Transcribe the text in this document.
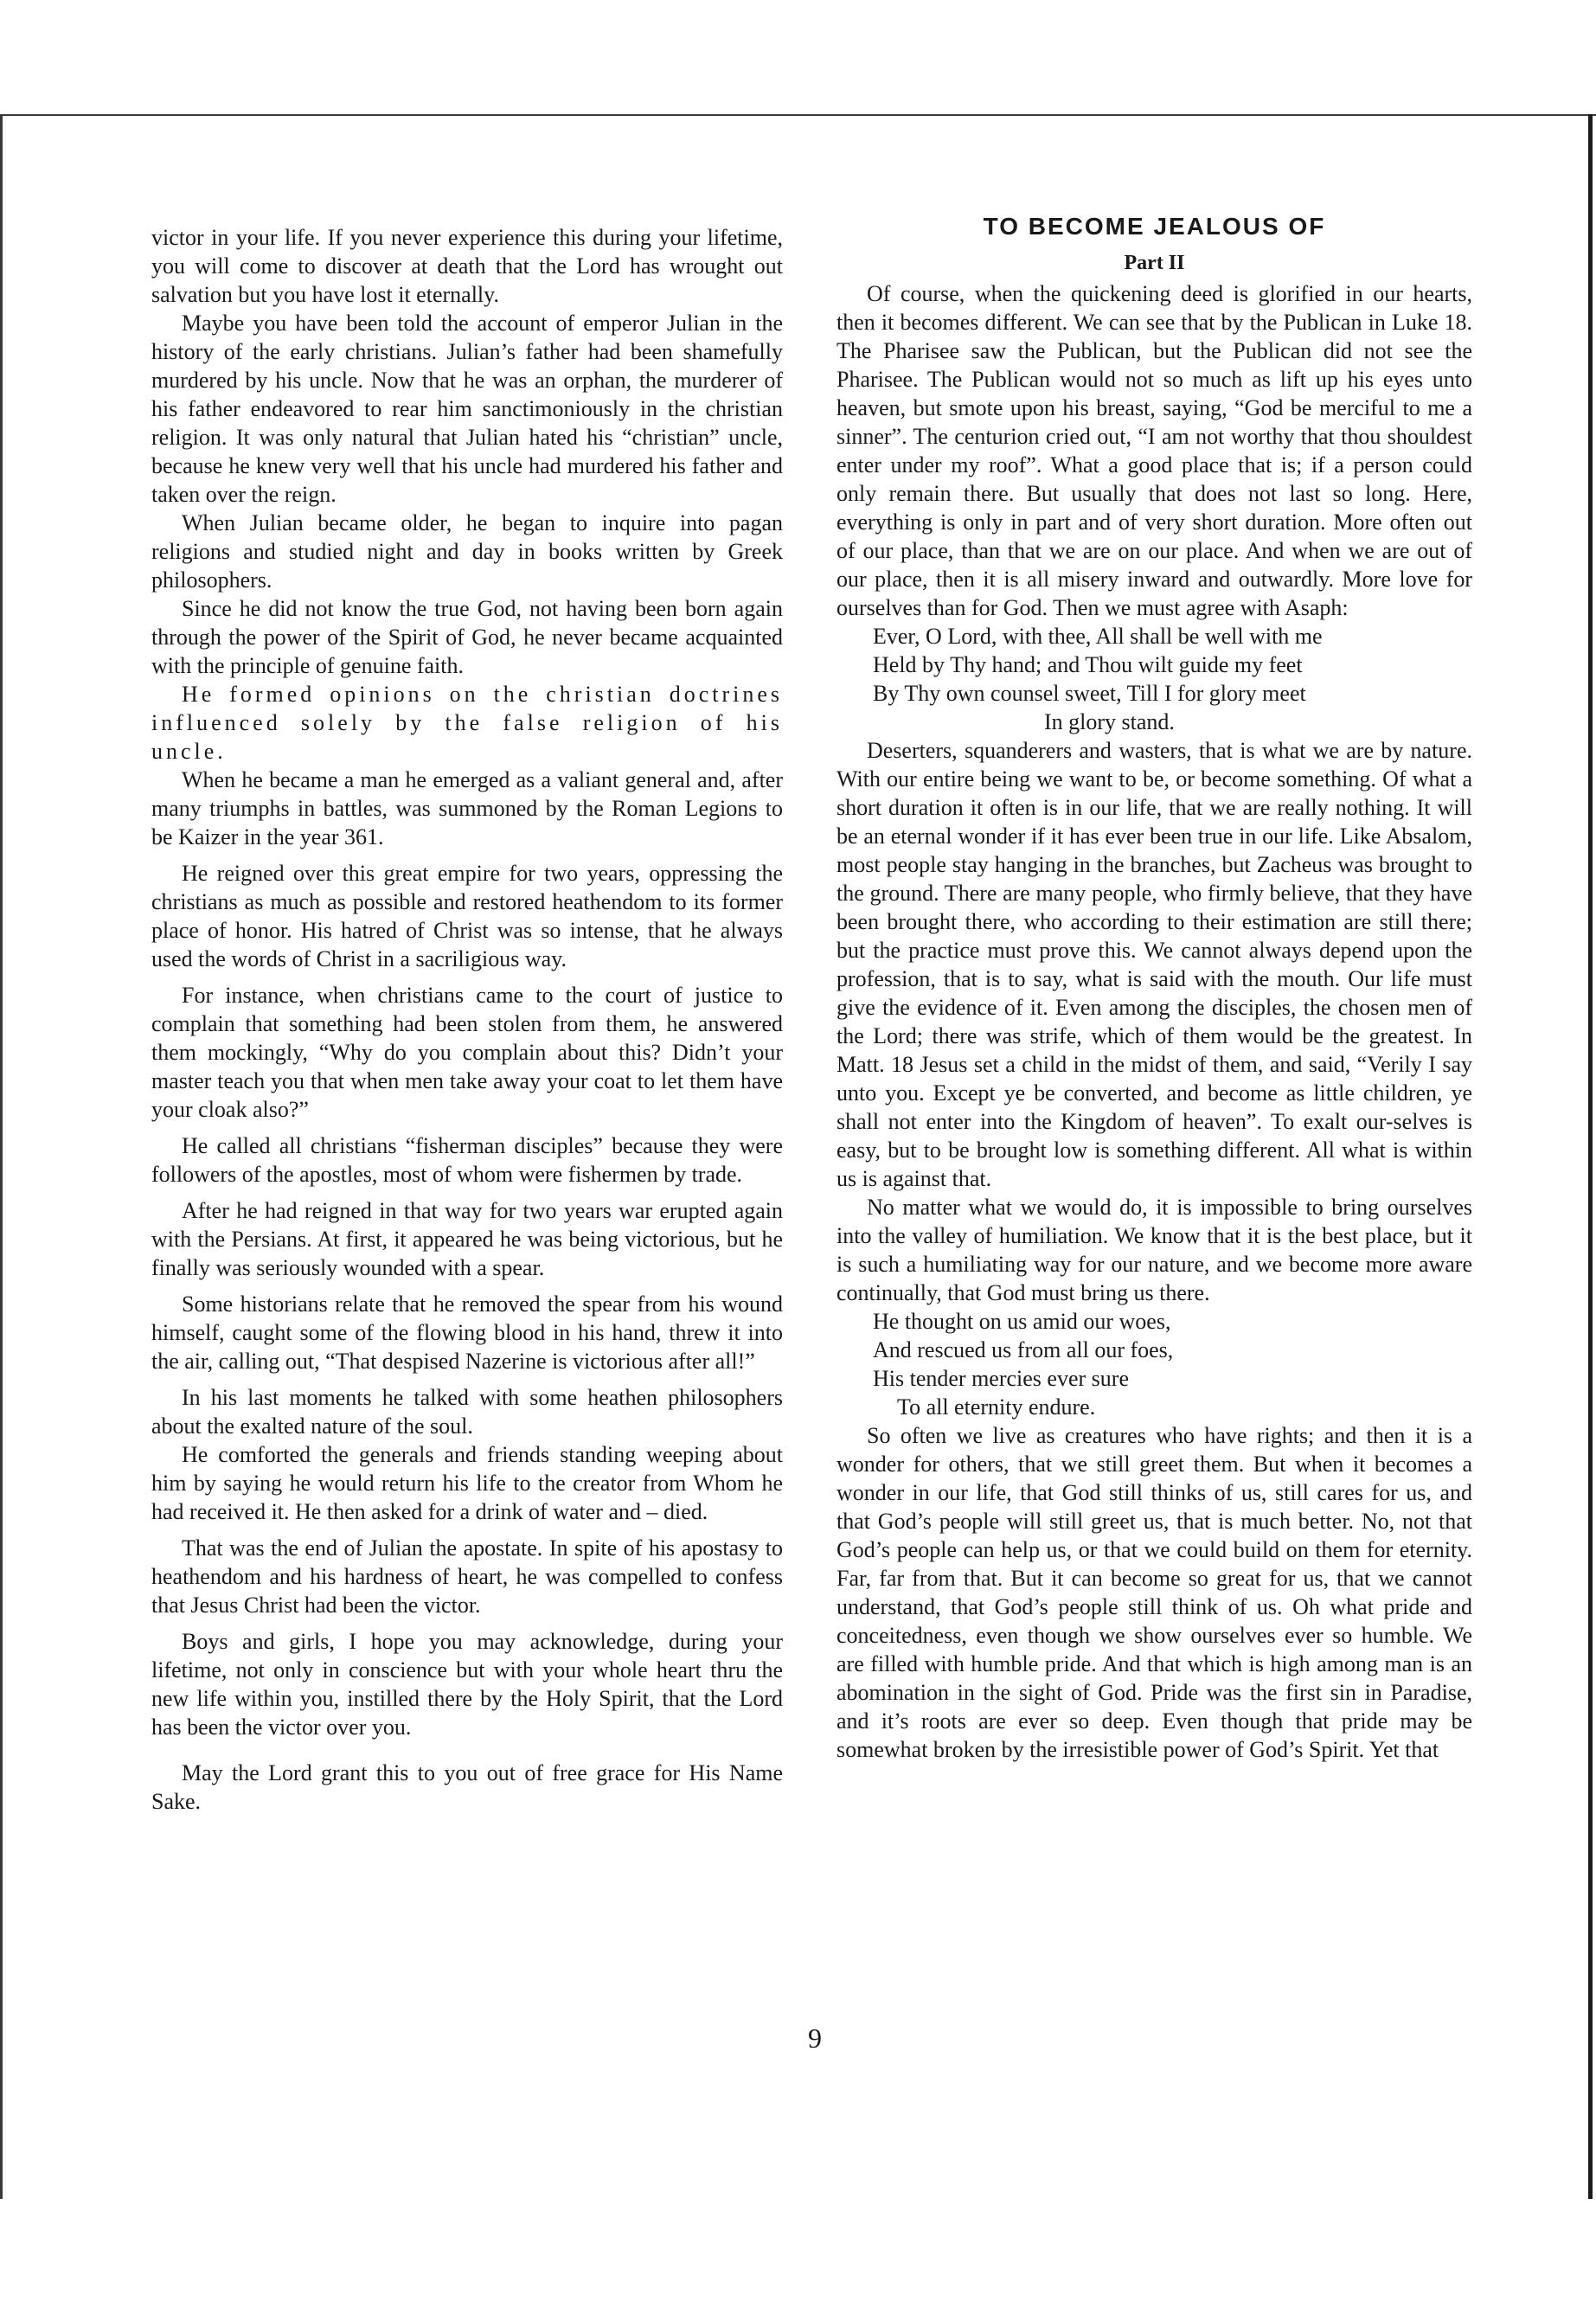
victor in your life. If you never experience this during your lifetime, you will come to discover at death that the Lord has wrought out salvation but you have lost it eternally.

Maybe you have been told the account of emperor Julian in the history of the early christians. Julian’s father had been shamefully murdered by his uncle. Now that he was an orphan, the murderer of his father endeavored to rear him sanctimoniously in the christian religion. It was only natural that Julian hated his “christian” uncle, because he knew very well that his uncle had murdered his father and taken over the reign.

When Julian became older, he began to inquire into pagan religions and studied night and day in books written by Greek philosophers.

Since he did not know the true God, not having been born again through the power of the Spirit of God, he never became acquainted with the principle of genuine faith.

He formed opinions on the christian doctrines influenced solely by the false religion of his uncle.

When he became a man he emerged as a valiant general and, after many triumphs in battles, was summoned by the Roman Legions to be Kaizer in the year 361.

He reigned over this great empire for two years, oppressing the christians as much as possible and restored heathendom to its former place of honor. His hatred of Christ was so intense, that he always used the words of Christ in a sacriligious way.

For instance, when christians came to the court of justice to complain that something had been stolen from them, he answered them mockingly, “Why do you complain about this? Didn’t your master teach you that when men take away your coat to let them have your cloak also?”

He called all christians “fisherman disciples” because they were followers of the apostles, most of whom were fishermen by trade.

After he had reigned in that way for two years war erupted again with the Persians. At first, it appeared he was being victorious, but he finally was seriously wounded with a spear.

Some historians relate that he removed the spear from his wound himself, caught some of the flowing blood in his hand, threw it into the air, calling out, “That despised Nazerine is victorious after all!”

In his last moments he talked with some heathen philosophers about the exalted nature of the soul.

He comforted the generals and friends standing weeping about him by saying he would return his life to the creator from Whom he had received it. He then asked for a drink of water and – died.

That was the end of Julian the apostate. In spite of his apostasy to heathendom and his hardness of heart, he was compelled to confess that Jesus Christ had been the victor.

Boys and girls, I hope you may acknowledge, during your lifetime, not only in conscience but with your whole heart thru the new life within you, instilled there by the Holy Spirit, that the Lord has been the victor over you.

May the Lord grant this to you out of free grace for His Name Sake.

TO BECOME JEALOUS OF
Part II

Of course, when the quickening deed is glorified in our hearts, then it becomes different. We can see that by the Publican in Luke 18. The Pharisee saw the Publican, but the Publican did not see the Pharisee. The Publican would not so much as lift up his eyes unto heaven, but smote upon his breast, saying, “God be merciful to me a sinner”. The centurion cried out, “I am not worthy that thou shouldest enter under my roof”. What a good place that is; if a person could only remain there. But usually that does not last so long. Here, everything is only in part and of very short duration. More often out of our place, than that we are on our place. And when we are out of our place, then it is all misery inward and outwardly. More love for ourselves than for God. Then we must agree with Asaph:

Ever, O Lord, with thee, All shall be well with me
Held by Thy hand; and Thou wilt guide my feet
By Thy own counsel sweet, Till I for glory meet
In glory stand.

Deserters, squanderers and wasters, that is what we are by nature. With our entire being we want to be, or become something. Of what a short duration it often is in our life, that we are really nothing. It will be an eternal wonder if it has ever been true in our life. Like Absalom, most people stay hanging in the branches, but Zacheus was brought to the ground. There are many people, who firmly believe, that they have been brought there, who according to their estimation are still there; but the practice must prove this. We cannot always depend upon the profession, that is to say, what is said with the mouth. Our life must give the evidence of it. Even among the disciples, the chosen men of the Lord; there was strife, which of them would be the greatest. In Matt. 18 Jesus set a child in the midst of them, and said, “Verily I say unto you. Except ye be converted, and become as little children, ye shall not enter into the Kingdom of heaven”. To exalt our-selves is easy, but to be brought low is something different. All what is within us is against that.

No matter what we would do, it is impossible to bring ourselves into the valley of humiliation. We know that it is the best place, but it is such a humiliating way for our nature, and we become more aware continually, that God must bring us there.

He thought on us amid our woes,
And rescued us from all our foes,
His tender mercies ever sure
To all eternity endure.

So often we live as creatures who have rights; and then it is a wonder for others, that we still greet them. But when it becomes a wonder in our life, that God still thinks of us, still cares for us, and that God’s people will still greet us, that is much better. No, not that God’s people can help us, or that we could build on them for eternity. Far, far from that. But it can become so great for us, that we cannot understand, that God’s people still think of us. Oh what pride and conceitedness, even though we show ourselves ever so humble. We are filled with humble pride. And that which is high among man is an abomination in the sight of God. Pride was the first sin in Paradise, and it’s roots are ever so deep. Even though that pride may be somewhat broken by the irresistible power of God’s Spirit. Yet that

9
